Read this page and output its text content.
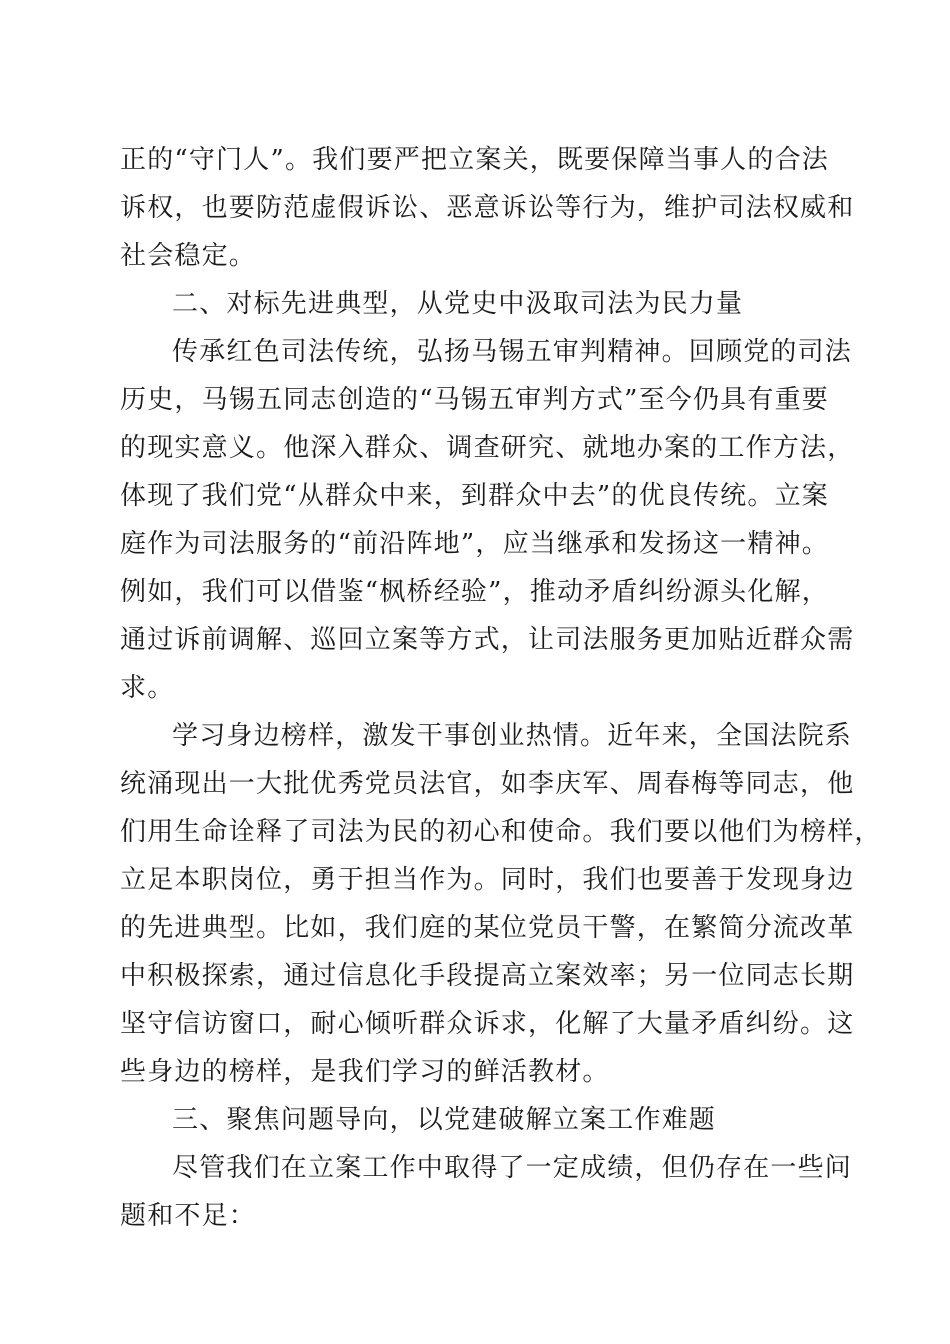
正的“守门人”。我们要严把立案关，既要保障当事人的合法
诉权，也要防范虚假诉讼、恶意诉讼等行为，维护司法权威和
社会稳定。
二、对标先进典型，从党史中汲取司法为民力量
传承红色司法传统，弘扬马锡五审判精神。回顾党的司法
历史，马锡五同志创造的“马锡五审判方式”至今仍具有重要
的现实意义。他深入群众、调查研究、就地办案的工作方法，
体现了我们党“从群众中来，到群众中去”的优良传统。立案
庭作为司法服务的“前沿阵地”，应当继承和发扬这一精神。
例如，我们可以借鉴“枫桥经验”，推动矛盾纠纷源头化解，
通过诉前调解、巡回立案等方式，让司法服务更加贴近群众需
求。
学习身边榜样，激发干事创业热情。近年来，全国法院系
统涌现出一大批优秀党员法官，如李庆军、周春梅等同志，他
们用生命诠释了司法为民的初心和使命。我们要以他们为榜样，
立足本职岗位，勇于担当作为。同时，我们也要善于发现身边
的先进典型。比如，我们庭的某位党员干警，在繁简分流改革
中积极探索，通过信息化手段提高立案效率；另一位同志长期
坚守信访窗口，耐心倾听群众诉求，化解了大量矛盾纠纷。这
些身边的榜样，是我们学习的鲜活教材。
三、聚焦问题导向，以党建破解立案工作难题
尽管我们在立案工作中取得了一定成绩，但仍存在一些问
题和不足：
